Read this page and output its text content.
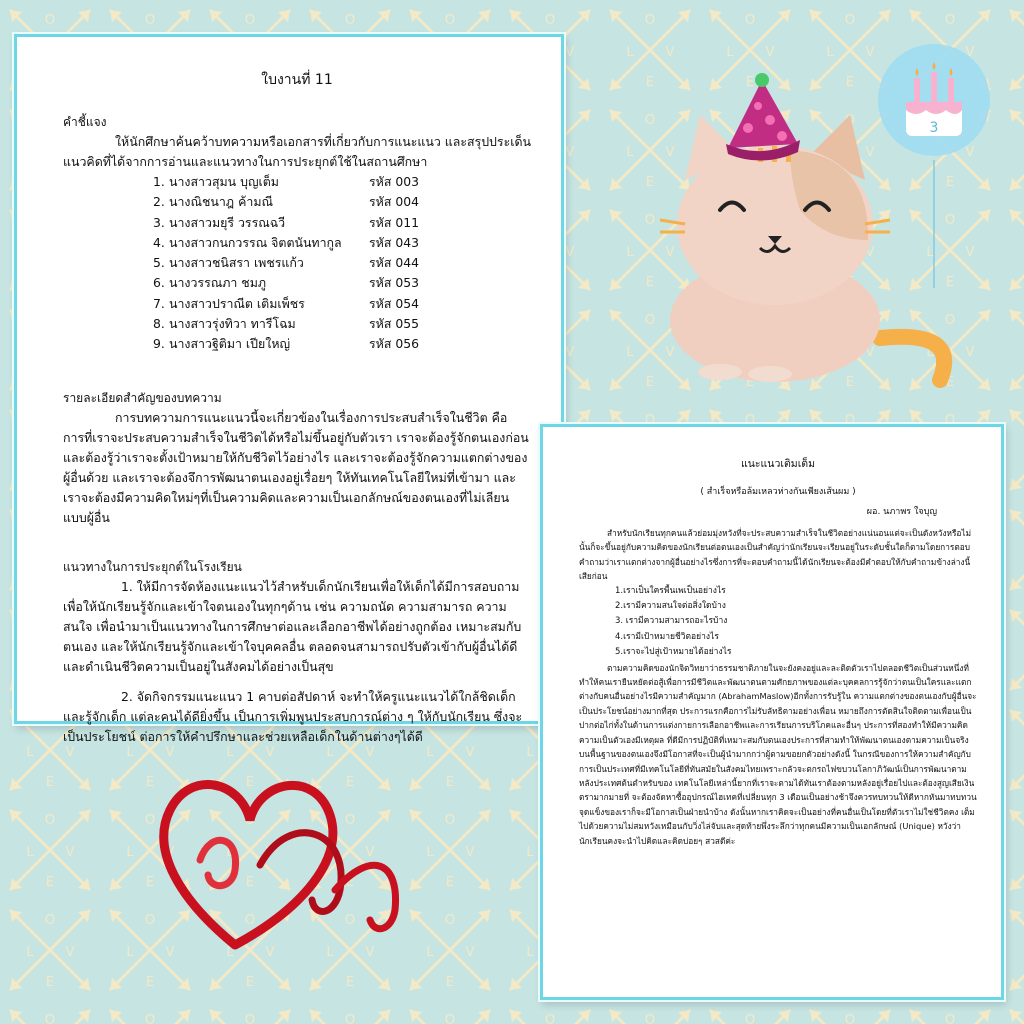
3

ใบงานที่ 11

คำชี้แจง

ให้นักศึกษาค้นคว้าบทความหรือเอกสารที่เกี่ยวกับการแนะแนว และสรุปประเด็นแนวคิดที่ได้จากการอ่านและแนวทางในการประยุกต์ใช้ในสถานศึกษา

1. นางสาวสุมน บุญเต็ม	รหัส 003
2. นางณิชนาฎ ค้ามณี	รหัส 004
3. นางสาวมยุรี วรรณฉวี	รหัส 011
4. นางสาวกนกวรรณ จิตตนันทากูล	รหัส 043
5. นางสาวชนิสรา เพชรแก้ว	รหัส 044
6. นางวรรณภา ชมภู	รหัส 053
7. นางสาวปราณีต เติมเพ็ชร	รหัส 054
8. นางสาวรุ่งทิวา ทารีโฉม	รหัส 055
9. นางสาวฐิติมา เปียใหญ่	รหัส 056

รายละเอียดสำคัญของบทความ

การบทความการแนะแนวนี้จะเกี่ยวข้องในเรื่องการประสบสำเร็จในชีวิต คือ การที่เราจะประสบความสำเร็จในชีวิตได้หรือไม่ขึ้นอยู่กับตัวเรา เราจะต้องรู้จักตนเองก่อน และต้องรู้ว่าเราจะตั้งเป้าหมายให้กับชีวิตไว้อย่างไร และเราจะต้องรู้จักความแตกต่างของผู้อื่นด้วย และเราจะต้องจึการพัฒนาตนเองอยู่เรื่อยๆ ให้ทันเทคโนโลยีใหม่ที่เข้ามา และเราจะต้องมีความคิดใหม่ๆที่เป็นความคิดและความเป็นเอกลักษณ์ของตนเองที่ไม่เลียนแบบผู้อื่น

แนวทางในการประยุกต์ในโรงเรียน

1. ให้มีการจัดห้องแนะแนวไว้สำหรับเด็กนักเรียนเพื่อให้เด็กได้มีการสอบถามเพื่อให้นักเรียนรู้จักและเข้าใจตนเองในทุกๆด้าน เช่น ความถนัด ความสามารถ ความสนใจ เพื่อนำมาเป็นแนวทางในการศึกษาต่อและเลือกอาชีพได้อย่างถูกต้อง เหมาะสมกับตนเอง และให้นักเรียนรู้จักและเข้าใจบุคคลอื่น ตลอดจนสามารถปรับตัวเข้ากับผู้อื่นได้ดีและดำเนินชีวิตความเป็นอยู่ในสังคมได้อย่างเป็นสุข

2. จัดกิจกรรมแนะแนว 1 คาบต่อสัปดาห์ จะทำให้ครูแนะแนวได้ใกล้ชิดเด็กและรู้จักเด็ก แต่ละคนได้ดียิ่งขึ้น เป็นการเพิ่มพูนประสบการณ์ต่าง ๆ ให้กับนักเรียน ซึ่งจะเป็นประโยชน์ ต่อการให้คำปรึกษาและช่วยเหลือเด็กในด้านต่างๆได้ดี

แนะแนวเติมเต็ม

( สำเร็จหรือล้มเหลวห่างกันเพียงเส้นผม )

ผอ. นภาพร ใจบุญ

สำหรับนักเรียนทุกคนแล้วย่อมมุ่งหวังที่จะประสบความสำเร็จในชีวิตอย่างแน่นอนแต่จะเป็นดังหวังหรือไม่นั้นก็จะขึ้นอยู่กับความคิดของนักเรียนต่อตนเองเป็นสำคัญว่านักเรียนจะเรียนอยู่ในระดับชั้นใดก็ตามโดยการตอบคำถามว่าเราแตกต่างจากผู้อื่นอย่างไรซึ่งการที่จะตอบคำถามนี้ได้นักเรียนจะต้องมีคำตอบให้กับคำถามข้างล่างนี้เสียก่อน

1.เราเป็นใครพื้นเพเป็นอย่างไร
2.เรามีความสนใจต่อสิ่งใดบ้าง
3. เรามีความสามารถอะไรบ้าง
4.เรามีเป้าหมายชีวิตอย่างไร
5.เราจะไปสู่เป้าหมายได้อย่างไร

ตามความคิดของนักจิตวิทยาว่าธรรมชาติภายในจะยังคงอยู่และละติดตัวเราไปตลอดชีวิตเป็นส่วนหนึ่งที่ทำให้คนเรายืนหยัดต่อสู้เพื่อการมีชีวิตและพัฒนาตนตามศักยภาพของแต่ละบุคคลการรู้จักว่าตนเป็นใครและแตกต่างกับคนอื่นอย่างไรมีความสำคัญมาก (AbrahamMaslow)อีกทั้งการรับรู้ใน ความแตกต่างของตนเองกับผู้อื่นจะเป็นประโยชน์อย่างมากที่สุด ประการแรกคือการไม่รับลัทธิตามอย่างเพื่อน หมายถึงการตัดสินใจติดตามเพื่อนเป็นปากต่อไก่ทั้งในด้านการแต่งกายการเลือกอาชีพและการเรียนการบริโภคและอื่นๆ ประการที่สองทำให้มีความคิดความเป็นตัวเองมีเหตุผล ที่ดีมีการปฏิบัติที่เหมาะสมกับตนเองประการที่สามทำให้พัฒนาตนเองตามความเป็นจริง บนพื้นฐานของตนเองจึงมีโอกาสที่จะเป็นผู้นำมากกว่าผู้ตามขอยกตัวอย่างดังนี้ ในกรณีของการให้ความสำคัญกับการเป็นประเทศที่มีเทคโนโลยีที่ทันสมัยในสังคมไทยเพราะกลัวจะตกรถไฟขบวนโลกาภิวัฒน์เป็นการพัฒนาตามหลังประเทศต้นตำหรับของ เทคโนโลยีเหล่านี้ยากที่เราจะตามได้ทันเราต้องตามหลังอยู่เรื่อยไปและต้องสูญเสียเงินตรามากมายที่ จะต้องจัดหาซื้ออุปกรณ์ไฮเทคที่เปลี่ยนทุก 3 เดือนเป็นอย่างช้าจึงควรทบทวนให้ดีหากหันมาทบทวนจุดแข็งของเราก็จะมีโอกาสเป็นฝ่ายนำบ้าง ดังนั้นหากเราคิดจะเป็นอย่างที่คนอื่นเป็นโดยที่ตัวเราไม่ใช่ชีวิตคง เต็มไปด้วยความไม่สมหวังเหมือนกับวิ่งไล่จับและสุดท้ายพึ่งระลึกว่าทุกคนมีความเป็นเอกลักษณ์ (Unique) หวังว่านักเรียนคงจะนำไปคิดและคิดบ่อยๆ สวสดีค่ะ
